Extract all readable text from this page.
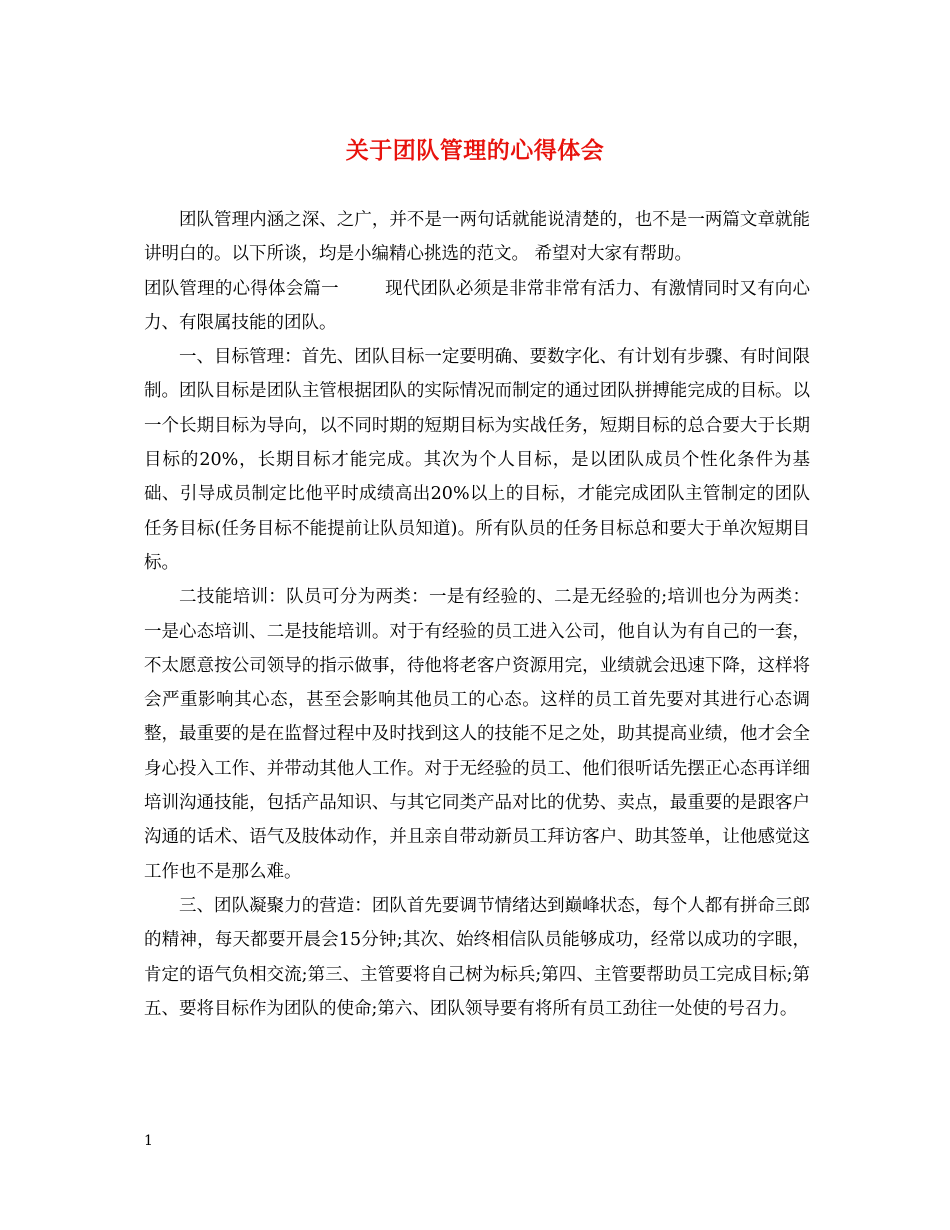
关于团队管理的心得体会

团队管理内涵之深、之广，并不是一两句话就能说清楚的，也不是一两篇文章就能讲明白的。以下所谈，均是小编精心挑选的范文。 希望对大家有帮助。

团队管理的心得体会篇一	现代团队必须是非常非常有活力、有激情同时又有向心力、有限属技能的团队。

一、目标管理：首先、团队目标一定要明确、要数字化、有计划有步骤、有时间限制。团队目标是团队主管根据团队的实际情况而制定的通过团队拼搏能完成的目标。以一个长期目标为导向，以不同时期的短期目标为实战任务，短期目标的总合要大于长期目标的20%，长期目标才能完成。其次为个人目标，是以团队成员个性化条件为基础、引导成员制定比他平时成绩高出20%以上的目标，才能完成团队主管制定的团队任务目标(任务目标不能提前让队员知道)。所有队员的任务目标总和要大于单次短期目标。

二技能培训：队员可分为两类：一是有经验的、二是无经验的;培训也分为两类：一是心态培训、二是技能培训。对于有经验的员工进入公司，他自认为有自己的一套，不太愿意按公司领导的指示做事，待他将老客户资源用完，业绩就会迅速下降，这样将会严重影响其心态，甚至会影响其他员工的心态。这样的员工首先要对其进行心态调整，最重要的是在监督过程中及时找到这人的技能不足之处，助其提高业绩，他才会全身心投入工作、并带动其他人工作。对于无经验的员工、他们很听话先摆正心态再详细培训沟通技能，包括产品知识、与其它同类产品对比的优势、卖点，最重要的是跟客户沟通的话术、语气及肢体动作，并且亲自带动新员工拜访客户、助其签单，让他感觉这工作也不是那么难。

三、团队凝聚力的营造：团队首先要调节情绪达到巅峰状态，每个人都有拼命三郎的精神，每天都要开晨会15分钟;其次、始终相信队员能够成功，经常以成功的字眼，肯定的语气负相交流;第三、主管要将自己树为标兵;第四、主管要帮助员工完成目标;第五、要将目标作为团队的使命;第六、团队领导要有将所有员工劲往一处使的号召力。

1
